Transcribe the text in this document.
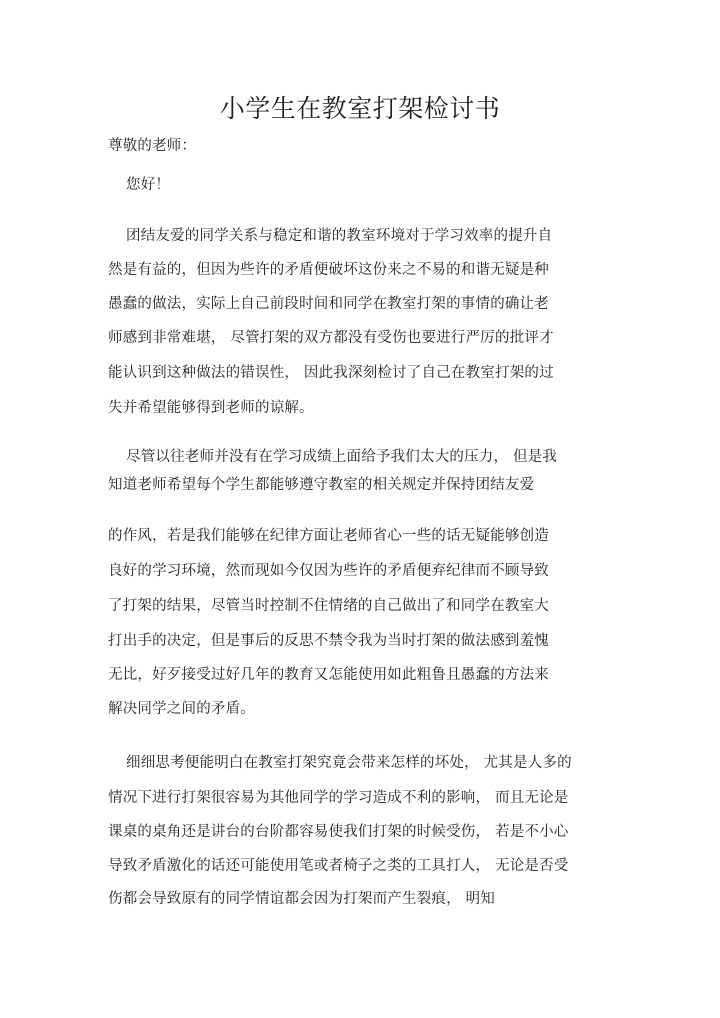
小学生在教室打架检讨书
尊敬的老师：
您好！
团结友爱的同学关系与稳定和谐的教室环境对于学习效率的提升自
然是有益的，但因为些许的矛盾便破坏这份来之不易的和谐无疑是种
愚蠢的做法，实际上自己前段时间和同学在教室打架的事情的确让老
师感到非常难堪， 尽管打架的双方都没有受伤也要进行严厉的批评才
能认识到这种做法的错误性， 因此我深刻检讨了自己在教室打架的过
失并希望能够得到老师的谅解。
尽管以往老师并没有在学习成绩上面给予我们太大的压力， 但是我
知道老师希望每个学生都能够遵守教室的相关规定并保持团结友爱
的作风，若是我们能够在纪律方面让老师省心一些的话无疑能够创造
良好的学习环境，然而现如今仅因为些许的矛盾便弃纪律而不顾导致
了打架的结果，尽管当时控制不住情绪的自己做出了和同学在教室大
打出手的决定，但是事后的反思不禁令我为当时打架的做法感到羞愧
无比，好歹接受过好几年的教育又怎能使用如此粗鲁且愚蠢的方法来
解决同学之间的矛盾。
细细思考便能明白在教室打架究竟会带来怎样的坏处， 尤其是人多的
情况下进行打架很容易为其他同学的学习造成不利的影响， 而且无论是
课桌的桌角还是讲台的台阶都容易使我们打架的时候受伤， 若是不小心
导致矛盾激化的话还可能使用笔或者椅子之类的工具打人， 无论是否受
伤都会导致原有的同学情谊都会因为打架而产生裂痕， 明知
